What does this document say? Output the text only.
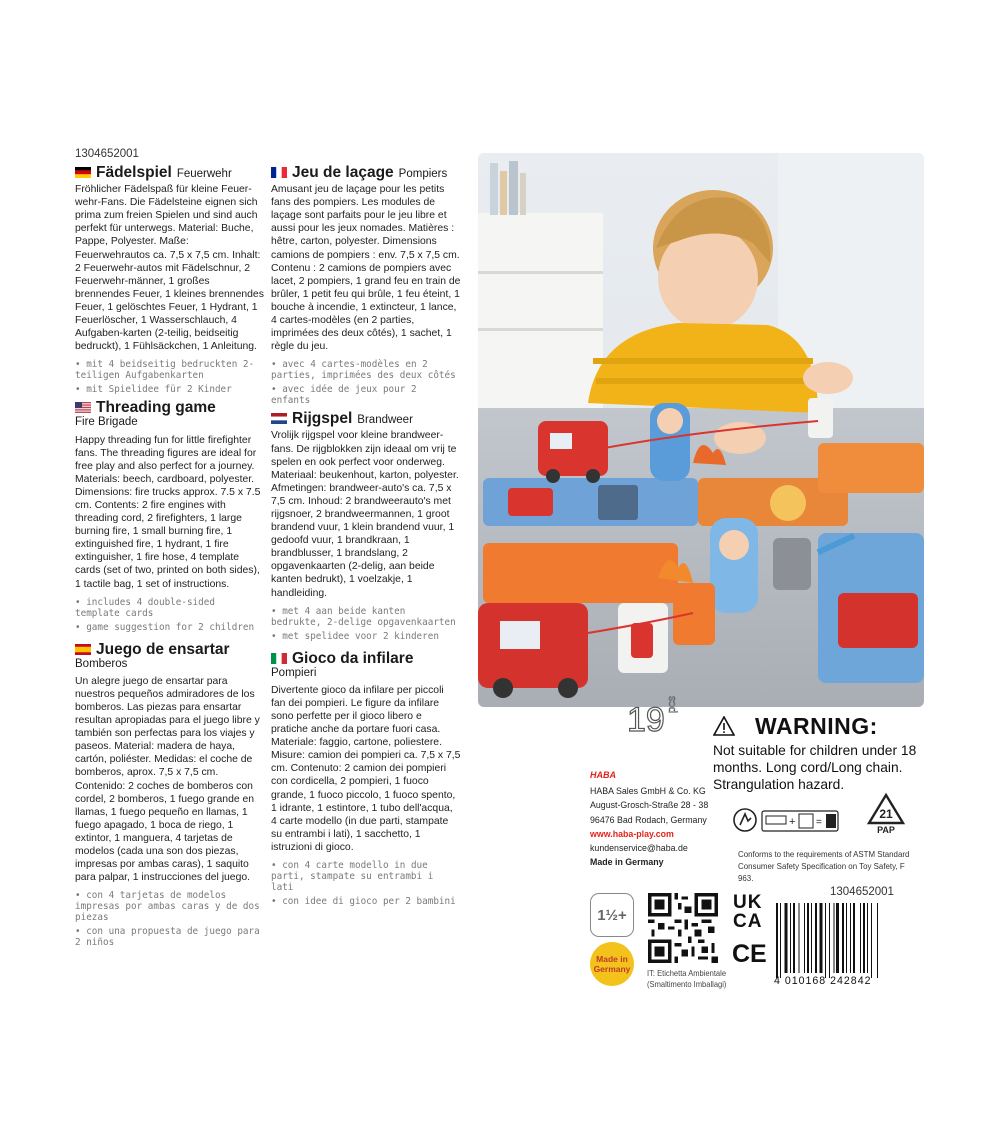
1304652001
Fädelspiel Feuerwehr
Fröhlicher Fädelspaß für kleine Feuer-wehr-Fans. Die Fädelsteine eignen sich prima zum freien Spielen und sind auch perfekt für unterwegs. Material: Buche, Pappe, Polyester. Maße: Feuerwehrautos ca. 7,5 x 7,5 cm. Inhalt: 2 Feuerwehr-autos mit Fädelschnur, 2 Feuerwehr-männer, 1 großes brennendes Feuer, 1 kleines brennendes Feuer, 1 gelöschtes Feuer, 1 Hydrant, 1 Feuerlöscher, 1 Wasserschlauch, 4 Aufgaben-karten (2-teilig, beidseitig bedruckt), 1 Fühlsäckchen, 1 Anleitung.
• mit 4 beidseitig bedruckten 2-teiligen Aufgabenkarten
• mit Spielidee für 2 Kinder
Threading game
Fire Brigade
Happy threading fun for little firefighter fans. The threading figures are ideal for free play and also perfect for a journey. Materials: beech, cardboard, polyester. Dimensions: fire trucks approx. 7.5 x 7.5 cm. Contents: 2 fire engines with threading cord, 2 firefighters, 1 large burning fire, 1 small burning fire, 1 extinguished fire, 1 hydrant, 1 fire extinguisher, 1 fire hose, 4 template cards (set of two, printed on both sides), 1 tactile bag, 1 set of instructions.
• includes 4 double-sided template cards
• game suggestion for 2 children
Juego de ensartar
Bomberos
Un alegre juego de ensartar para nuestros pequeños admiradores de los bomberos. Las piezas para ensartar resultan apropiadas para el juego libre y también son perfectas para los viajes y paseos. Material: madera de haya, cartón, poliéster. Medidas: el coche de bomberos, aprox. 7,5 x 7,5 cm. Contenido: 2 coches de bomberos con cordel, 2 bomberos, 1 fuego grande en llamas, 1 fuego pequeño en llamas, 1 fuego apagado, 1 boca de riego, 1 extintor, 1 manguera, 4 tarjetas de modelos (cada una son dos piezas, impresas por ambas caras), 1 saquito para palpar, 1 instrucciones del juego.
• con 4 tarjetas de modelos impresas por ambas caras y de dos piezas
• con una propuesta de juego para 2 niños
Jeu de laçage Pompiers
Amusant jeu de laçage pour les petits fans des pompiers. Les modules de laçage sont parfaits pour le jeu libre et aussi pour les jeux nomades. Matières : hêtre, carton, polyester. Dimensions camions de pompiers : env. 7,5 x 7,5 cm. Contenu : 2 camions de pompiers avec lacet, 2 pompiers, 1 grand feu en train de brûler, 1 petit feu qui brûle, 1 feu éteint, 1 bouche à incendie, 1 extincteur, 1 lance, 4 cartes-modèles (en 2 parties, imprimées des deux côtés), 1 sachet, 1 règle du jeu.
• avec 4 cartes-modèles en 2 parties, imprimées des deux côtés
• avec idée de jeux pour 2 enfants
Rijgspel Brandweer
Vrolijk rijgspel voor kleine brandweer-fans. De rijgblokken zijn ideaal om vrij te spelen en ook perfect voor onderweg. Materiaal: beukenhout, karton, polyester. Afmetingen: brandweer-auto's ca. 7,5 x 7,5 cm. Inhoud: 2 brandweerauto's met rijgsnoer, 2 brandweermannen, 1 groot brandend vuur, 1 klein brandend vuur, 1 gedoofd vuur, 1 brandkraan, 1 brandblusser, 1 brandslang, 2 opgavenkaarten (2-delig, aan beide kanten bedrukt), 1 voelzakje, 1 handleiding.
• met 4 aan beide kanten bedrukte, 2-delige opgavenkaarten
• met spelidee voor 2 kinderen
Gioco da infilare
Pompieri
Divertente gioco da infilare per piccoli fan dei pompieri. Le figure da infilare sono perfette per il gioco libero e pratiche anche da portare fuori casa. Materiale: faggio, cartone, poliestere. Misure: camion dei pompieri ca. 7,5 x 7,5 cm. Contenuto: 2 camion dei pompieri con cordicella, 2 pompieri, 1 fuoco grande, 1 fuoco piccolo, 1 fuoco spento, 1 idrante, 1 estintore, 1 tubo dell'acqua, 4 carte modello (in due parti, stampate su entrambi i lati), 1 sacchetto, 1 istruzioni di gioco.
• con 4 carte modello in due parti, stampate su entrambi i lati
• con idee di gioco per 2 bambini
19 pcs
WARNING:
Not suitable for children under 18 months. Long cord/Long chain. Strangulation hazard.
HABA
HABA Sales GmbH & Co. KG
August-Grosch-Straße 28 - 38
96476 Bad Rodach, Germany
www.haba-play.com
kundenservice@haba.de
Made in Germany
+ =
21
PAP
Conforms to the requirements of ASTM Standard Consumer Safety Specification on Toy Safety, F 963.
1½+
Made in
Germany IT: Etichetta Ambientale (Smaltimento Imballagi)
UK
CA
CE
1304652001
4 010168 242842
